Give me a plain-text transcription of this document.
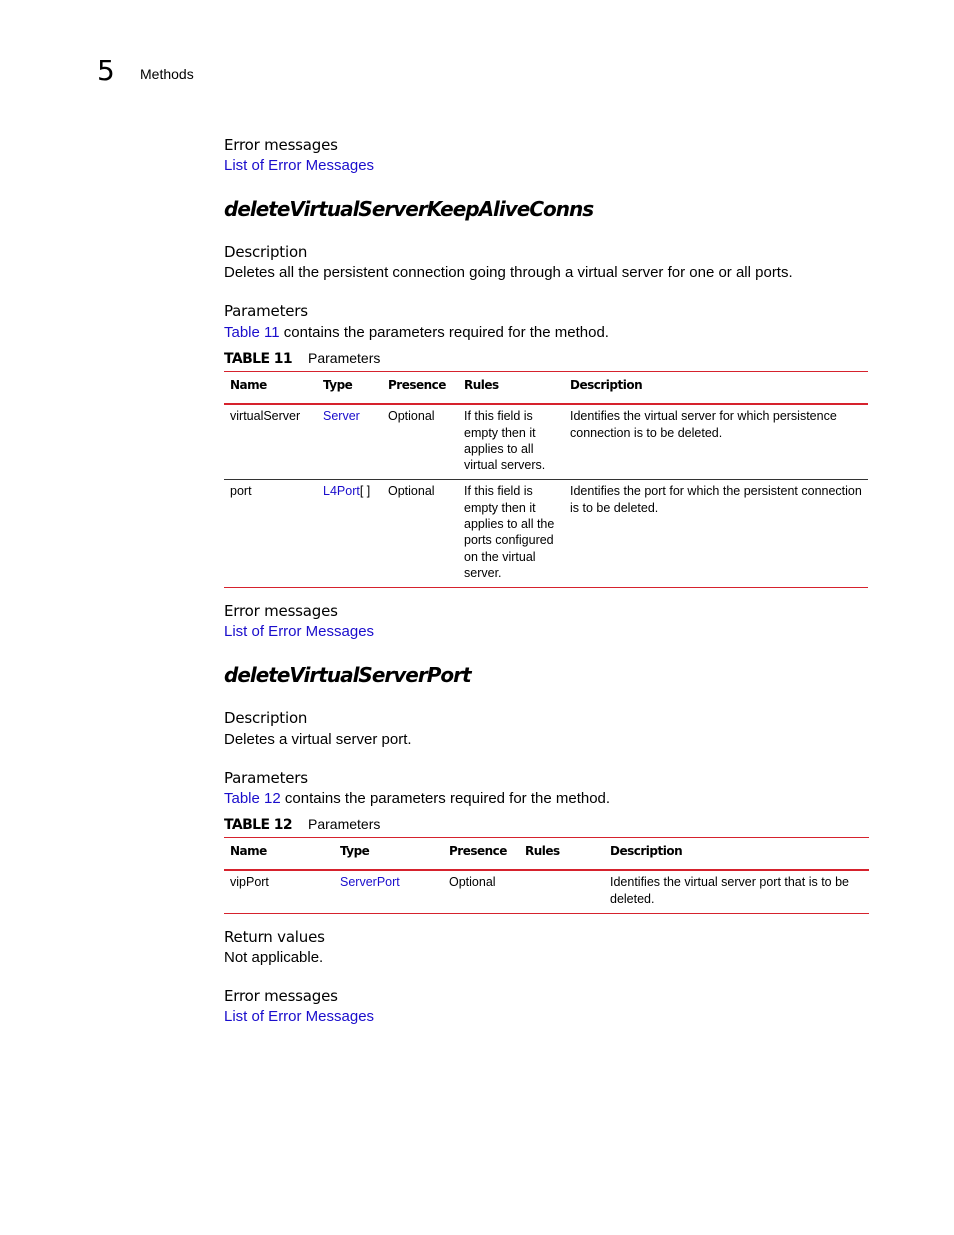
5 Methods
Error messages
List of Error Messages
deleteVirtualServerKeepAliveConns
Description
Deletes all the persistent connection going through a virtual server for one or all ports.
Parameters
Table 11 contains the parameters required for the method.
TABLE 11 Parameters
Name	Type	Presence	Rules	Description
virtualServer	Server	Optional	If this field is empty then it applies to all virtual servers.	Identifies the virtual server for which persistence connection is to be deleted.
port	L4Port[ ]	Optional	If this field is empty then it applies to all the ports configured on the virtual server.	Identifies the port for which the persistent connection is to be deleted.
Error messages
List of Error Messages
deleteVirtualServerPort
Description
Deletes a virtual server port.
Parameters
Table 12 contains the parameters required for the method.
TABLE 12 Parameters
Name	Type	Presence	Rules	Description
vipPort	ServerPort	Optional		Identifies the virtual server port that is to be deleted.
Return values
Not applicable.
Error messages
List of Error Messages
